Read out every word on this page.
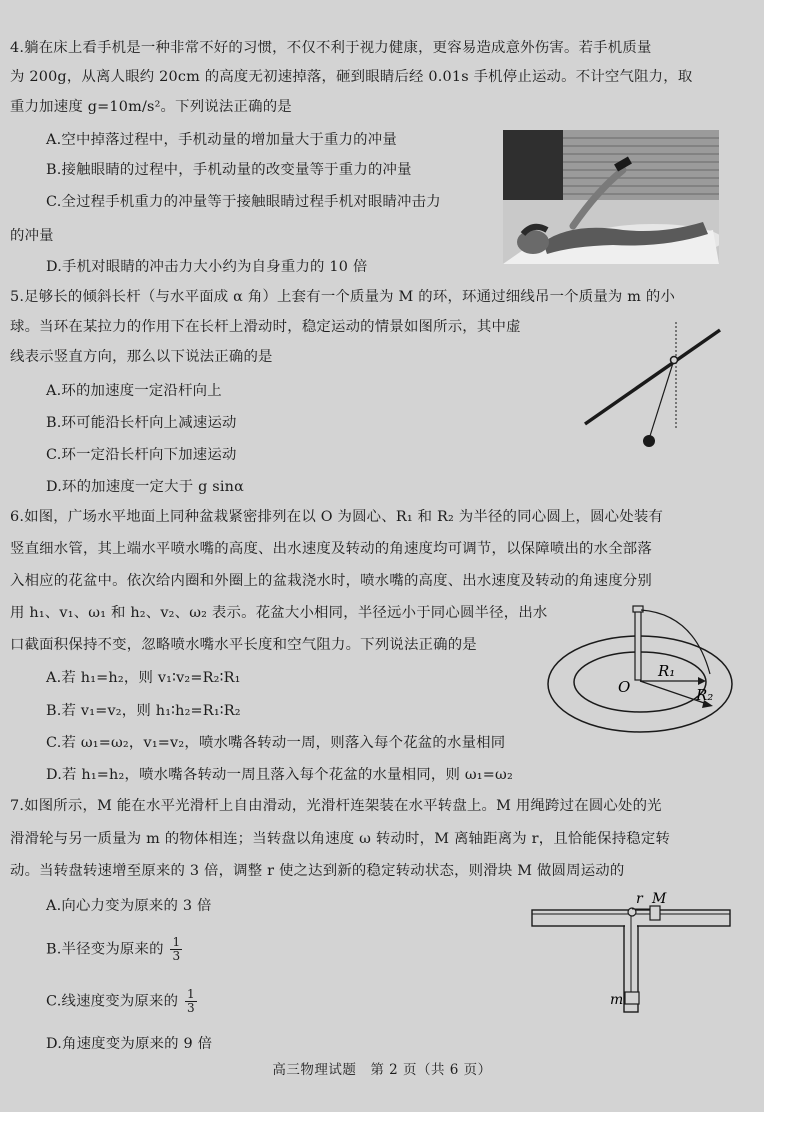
4.躺在床上看手机是一种非常不好的习惯，不仅不利于视力健康，更容易造成意外伤害。若手机质量
为 200g，从离人眼约 20cm 的高度无初速掉落，砸到眼睛后经 0.01s 手机停止运动。不计空气阻力，取
重力加速度 g=10m/s²。下列说法正确的是
A.空中掉落过程中，手机动量的增加量大于重力的冲量
B.接触眼睛的过程中，手机动量的改变量等于重力的冲量
C.全过程手机重力的冲量等于接触眼睛过程手机对眼睛冲击力
的冲量
D.手机对眼睛的冲击力大小约为自身重力的 10 倍
5.足够长的倾斜长杆（与水平面成 α 角）上套有一个质量为 M 的环，环通过细线吊一个质量为 m 的小
球。当环在某拉力的作用下在长杆上滑动时，稳定运动的情景如图所示，其中虚
线表示竖直方向，那么以下说法正确的是
A.环的加速度一定沿杆向上
B.环可能沿长杆向上减速运动
C.环一定沿长杆向下加速运动
D.环的加速度一定大于 g sinα
6.如图，广场水平地面上同种盆栽紧密排列在以 O 为圆心、R₁ 和 R₂ 为半径的同心圆上，圆心处装有
竖直细水管，其上端水平喷水嘴的高度、出水速度及转动的角速度均可调节，以保障喷出的水全部落
入相应的花盆中。依次给内圈和外圈上的盆栽浇水时，喷水嘴的高度、出水速度及转动的角速度分别
用 h₁、v₁、ω₁ 和 h₂、v₂、ω₂ 表示。花盆大小相同，半径远小于同心圆半径，出水
口截面积保持不变，忽略喷水嘴水平长度和空气阻力。下列说法正确的是
A.若 h₁=h₂，则 v₁∶v₂=R₂∶R₁
B.若 v₁=v₂，则 h₁∶h₂=R₁∶R₂
C.若 ω₁=ω₂，v₁=v₂，喷水嘴各转动一周，则落入每个花盆的水量相同
D.若 h₁=h₂，喷水嘴各转动一周且落入每个花盆的水量相同，则 ω₁=ω₂
O
R₁
R₂
7.如图所示，M 能在水平光滑杆上自由滑动，光滑杆连架装在水平转盘上。M 用绳跨过在圆心处的光
滑滑轮与另一质量为 m 的物体相连；当转盘以角速度 ω 转动时，M 离轴距离为 r，且恰能保持稳定转
动。当转盘转速增至原来的 3 倍，调整 r 使之达到新的稳定转动状态，则滑块 M 做圆周运动的
A.向心力变为原来的 3 倍
B.半径变为原来的 $\frac{1}{3}$
C.线速度变为原来的 $\frac{1}{3}$
D.角速度变为原来的 9 倍
r M
m
高三物理试题　第 2 页（共 6 页）
